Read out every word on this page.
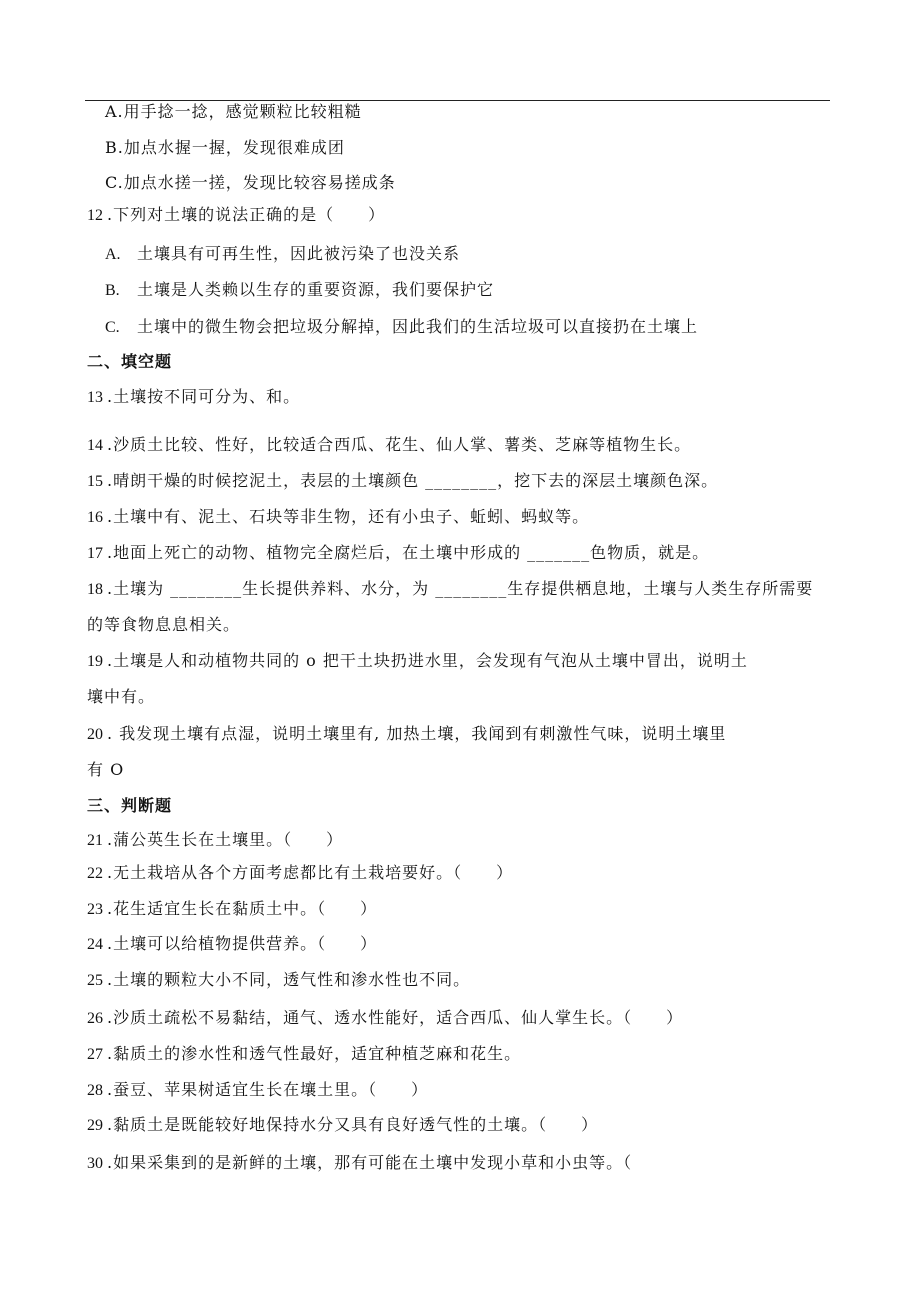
A.用手捻一捻，感觉颗粒比较粗糙
B.加点水握一握，发现很难成团
C.加点水搓一搓，发现比较容易搓成条
12 .下列对土壤的说法正确的是（　　）
A. 土壤具有可再生性，因此被污染了也没关系
B. 土壤是人类赖以生存的重要资源，我们要保护它
C. 土壤中的微生物会把垃圾分解掉，因此我们的生活垃圾可以直接扔在土壤上
二、填空题
13 .土壤按不同可分为、和。
14 .沙质土比较、性好，比较适合西瓜、花生、仙人掌、薯类、芝麻等植物生长。
15 .晴朗干燥的时候挖泥土，表层的土壤颜色 ________，挖下去的深层土壤颜色深。
16 .土壤中有、泥土、石块等非生物，还有小虫子、蚯蚓、蚂蚁等。
17 .地面上死亡的动物、植物完全腐烂后，在土壤中形成的 _______色物质，就是。
18 .土壤为 ________生长提供养料、水分，为 ________生存提供栖息地，土壤与人类生存所需要
的等食物息息相关。
19 .土壤是人和动植物共同的 o 把干土块扔进水里，会发现有气泡从土壤中冒出，说明土
壤中有。
20 . 我发现土壤有点湿，说明土壤里有, 加热土壤，我闻到有刺激性气味，说明土壤里
有 O
三、判断题
21 .蒲公英生长在土壤里。（　　）
22 .无土栽培从各个方面考虑都比有土栽培要好。（　　）
23 .花生适宜生长在黏质土中。（　　）
24 .土壤可以给植物提供营养。（　　）
25 .土壤的颗粒大小不同，透气性和渗水性也不同。
26 .沙质土疏松不易黏结，通气、透水性能好，适合西瓜、仙人掌生长。（　　）
27 .黏质土的渗水性和透气性最好，适宜种植芝麻和花生。
28 .蚕豆、苹果树适宜生长在壤土里。（　　）
29 .黏质土是既能较好地保持水分又具有良好透气性的土壤。（　　）
30 .如果采集到的是新鲜的土壤，那有可能在土壤中发现小草和小虫等。（
